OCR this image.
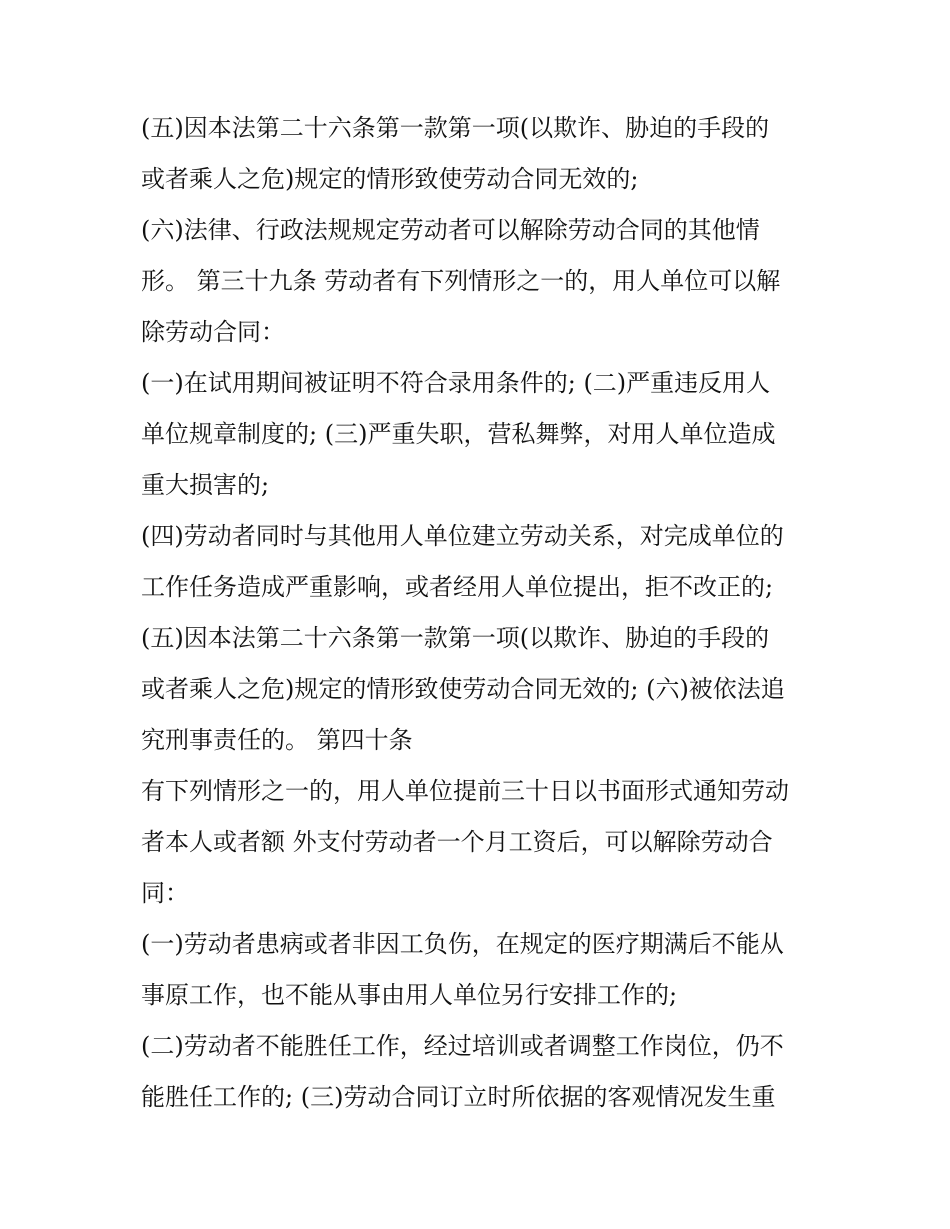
(五)因本法第二十六条第一款第一项(以欺诈、胁迫的手段的
或者乘人之危)规定的情形致使劳动合同无效的;
(六)法律、行政法规规定劳动者可以解除劳动合同的其他情
形。 第三十九条 劳动者有下列情形之一的，用人单位可以解
除劳动合同：
(一)在试用期间被证明不符合录用条件的; (二)严重违反用人
单位规章制度的; (三)严重失职，营私舞弊，对用人单位造成
重大损害的;
(四)劳动者同时与其他用人单位建立劳动关系，对完成单位的
工作任务造成严重影响，或者经用人单位提出，拒不改正的;
(五)因本法第二十六条第一款第一项(以欺诈、胁迫的手段的
或者乘人之危)规定的情形致使劳动合同无效的; (六)被依法追
究刑事责任的。 第四十条
有下列情形之一的，用人单位提前三十日以书面形式通知劳动
者本人或者额 外支付劳动者一个月工资后，可以解除劳动合
同：
(一)劳动者患病或者非因工负伤，在规定的医疗期满后不能从
事原工作，也不能从事由用人单位另行安排工作的;
(二)劳动者不能胜任工作，经过培训或者调整工作岗位，仍不
能胜任工作的; (三)劳动合同订立时所依据的客观情况发生重
